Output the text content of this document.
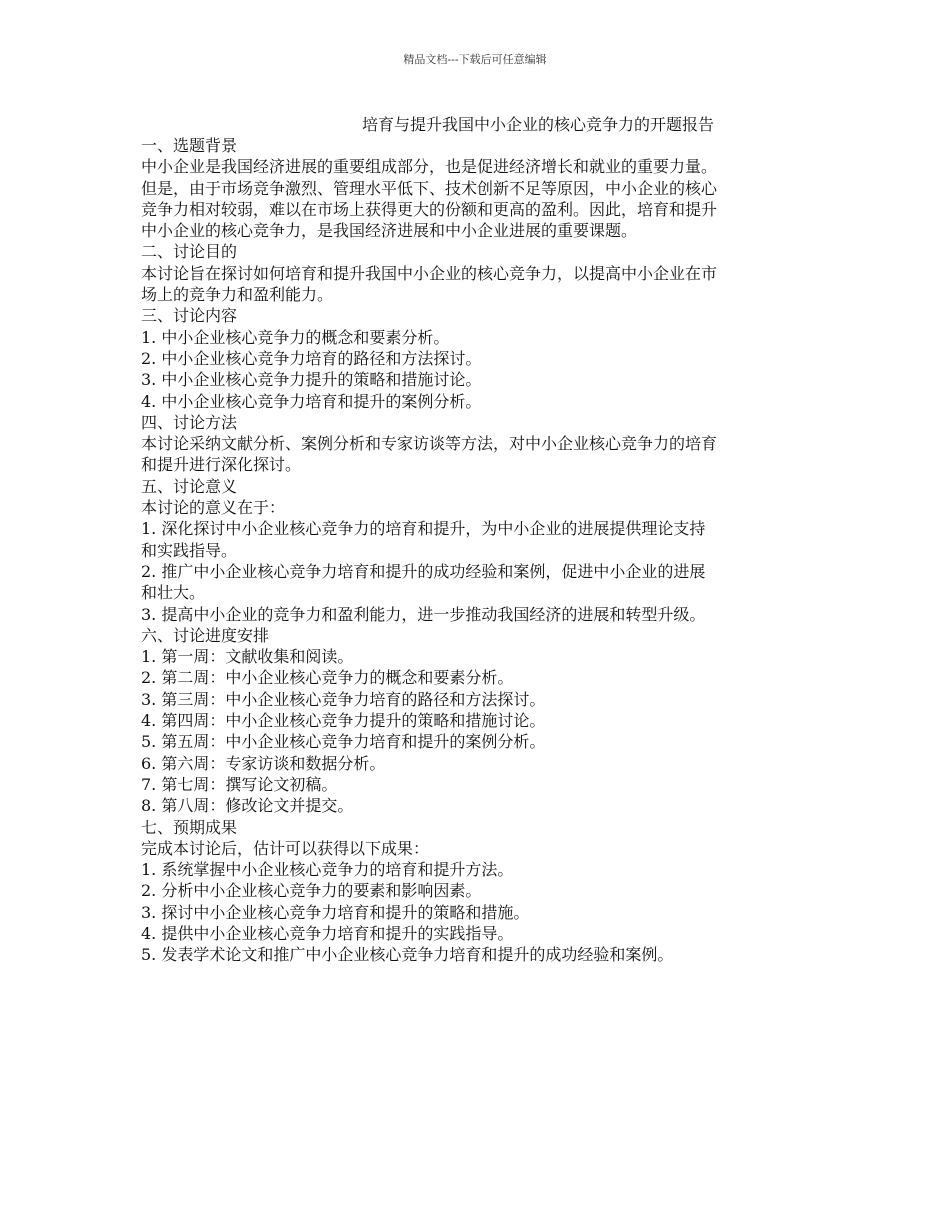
精品文档---下载后可任意编辑
培育与提升我国中小企业的核心竞争力的开题报告

一、选题背景

中小企业是我国经济进展的重要组成部分，也是促进经济增长和就业的重要力量。

但是，由于市场竞争激烈、管理水平低下、技术创新不足等原因，中小企业的核心

竞争力相对较弱，难以在市场上获得更大的份额和更高的盈利。因此，培育和提升

中小企业的核心竞争力，是我国经济进展和中小企业进展的重要课题。

二、讨论目的

本讨论旨在探讨如何培育和提升我国中小企业的核心竞争力，以提高中小企业在市

场上的竞争力和盈利能力。

三、讨论内容

1. 中小企业核心竞争力的概念和要素分析。

2. 中小企业核心竞争力培育的路径和方法探讨。

3. 中小企业核心竞争力提升的策略和措施讨论。

4. 中小企业核心竞争力培育和提升的案例分析。

四、讨论方法

本讨论采纳文献分析、案例分析和专家访谈等方法，对中小企业核心竞争力的培育

和提升进行深化探讨。

五、讨论意义

本讨论的意义在于：

1. 深化探讨中小企业核心竞争力的培育和提升，为中小企业的进展提供理论支持

和实践指导。

2. 推广中小企业核心竞争力培育和提升的成功经验和案例，促进中小企业的进展

和壮大。

3. 提高中小企业的竞争力和盈利能力，进一步推动我国经济的进展和转型升级。

六、讨论进度安排

1. 第一周：文献收集和阅读。

2. 第二周：中小企业核心竞争力的概念和要素分析。

3. 第三周：中小企业核心竞争力培育的路径和方法探讨。

4. 第四周：中小企业核心竞争力提升的策略和措施讨论。

5. 第五周：中小企业核心竞争力培育和提升的案例分析。

6. 第六周：专家访谈和数据分析。

7. 第七周：撰写论文初稿。

8. 第八周：修改论文并提交。

七、预期成果

完成本讨论后，估计可以获得以下成果：

1. 系统掌握中小企业核心竞争力的培育和提升方法。

2. 分析中小企业核心竞争力的要素和影响因素。

3. 探讨中小企业核心竞争力培育和提升的策略和措施。

4. 提供中小企业核心竞争力培育和提升的实践指导。

5. 发表学术论文和推广中小企业核心竞争力培育和提升的成功经验和案例。
